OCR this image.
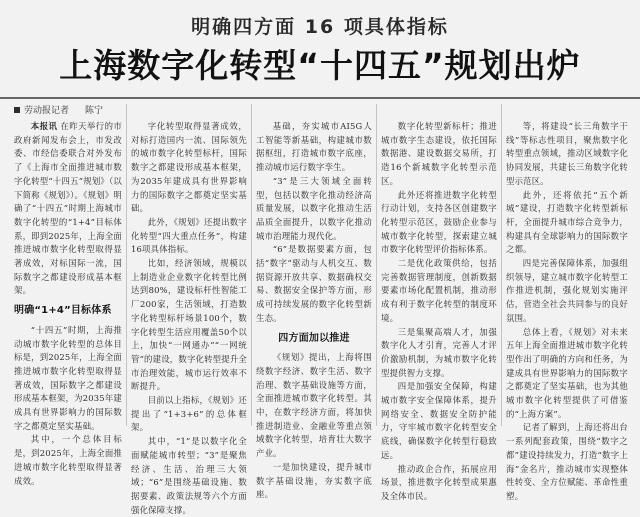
明确四方面 16 项具体指标
上海数字化转型“十四五”规划出炉
劳动报记者 陈宁

本报讯 在昨天举行的市政府新闻发布会上，市发改委、市经信委联合对外发布了《上海市全面推进城市数字化转型“十四五”规划》（以下简称《规划》）。《规划》明确了“十四五”时期上海城市数字化转型的“1+4”目标体系，即到2025年，上海全面推进城市数字化转型取得显著成效，对标国际一流，国际数字之都建设形成基本框架。

明确“1+4”目标体系

“十四五”时期，上海推动城市数字化转型的总体目标是，到2025年，上海全面推进城市数字化转型取得显著成效，国际数字之都建设形成基本框架，为2035年建成具有世界影响力的国际数字之都奠定坚实基础。

其中，一个总体目标是，到2025年，上海全面推进城市数字化转型取得显著成效。

字化转型取得显著成效，对标打造国内一流、国际领先的城市数字化转型标杆，国际数字之都建设形成基本框架，为2035年建成具有世界影响力的国际数字之都奠定坚实基础。

此外，《规划》还提出数字化转型“四大重点任务”，构建16项具体指标。

比如，经济领域，规模以上制造业企业数字化转型比例达到80%，建设标杆性智能工厂200家，生活领域，打造数字化转型标杆场景100个，数字化转型生活应用覆盖50个以上，加快“一网通办”“一网统管”的建设，数字化转型提升全市治理效能，城市运行效率不断提升。

目前以上指标，《规划》还提出了“1+3+6”的总体框架。

其中，“1”是以数字化全面赋能城市转型；“3”是聚焦经济、生活、治理三大领域；“6”是围绕基础设施、数据要素、政策法规等六个方面强化保障支撑。

基础，夯实城市AI5G人工智能等新基础，构建城市数据枢纽，打造城市数字底座，推动城市运行数字孪生。

“3”是三大领域全面转型，包括以数字化推动经济高质量发展，以数字化推动生活品质全面提升，以数字化推动城市治理能力现代化。

“6”是数据要素方面，包括“数字”驱动与人机交互、数据资源开放共享、数据确权交易、数据安全保护等方面，形成可持续发展的数字化转型新生态。

四方面加以推进

《规划》提出，上海将围绕数字经济、数字生活、数字治理、数字基础设施等方面，全面推进城市数字化转型。其中，在数字经济方面，将加快推进制造业、金融业等重点领域数字化转型，培育壮大数字产业。

一是加快建设，提升城市数字基础设施，夯实数字底座。

数字化转型新标杆；推进城市数字生态建设，依托国际数据港、建设数据交易所，打造16个新城数字化转型示范区。

此外还将推进数字化转型行动计划，支持各区创建数字化转型示范区，鼓励企业参与城市数字化转型，探索建立城市数字化转型评价指标体系。

二是优化政策供给，包括完善数据管理制度，创新数据要素市场化配置机制，推动形成有利于数字化转型的制度环境。

三是集聚高端人才，加强数字化人才引育，完善人才评价激励机制，为城市数字化转型提供智力支撑。

四是加强安全保障，构建城市数字安全保障体系，提升网络安全、数据安全防护能力，守牢城市数字化转型安全底线，确保数字化转型行稳致远。

推动政企合作，拓展应用场景，推进数字化转型成果惠及全体市民。

等，将建设“长三角数字干线”等标志性项目，聚焦数字化转型重点领域，推动区域数字化协同发展，共建长三角数字化转型示范区。

此外，还将依托“五个新城”建设，打造数字化转型新标杆，全面提升城市综合竞争力，构建具有全球影响力的国际数字之都。

四是完善保障体系，加强组织领导，建立城市数字化转型工作推进机制，强化规划实施评估，营造全社会共同参与的良好氛围。

总体上看，《规划》对未来五年上海全面推进城市数字化转型作出了明确的方向和任务，为建成具有世界影响力的国际数字之都奠定了坚实基础，也为其他城市数字化转型提供了可借鉴的“上海方案”。

记者了解到，上海还将出台一系列配套政策，围绕“数字之都”建设持续发力，打造“数字上海”金名片，推动城市实现整体性转变、全方位赋能、革命性重塑。
